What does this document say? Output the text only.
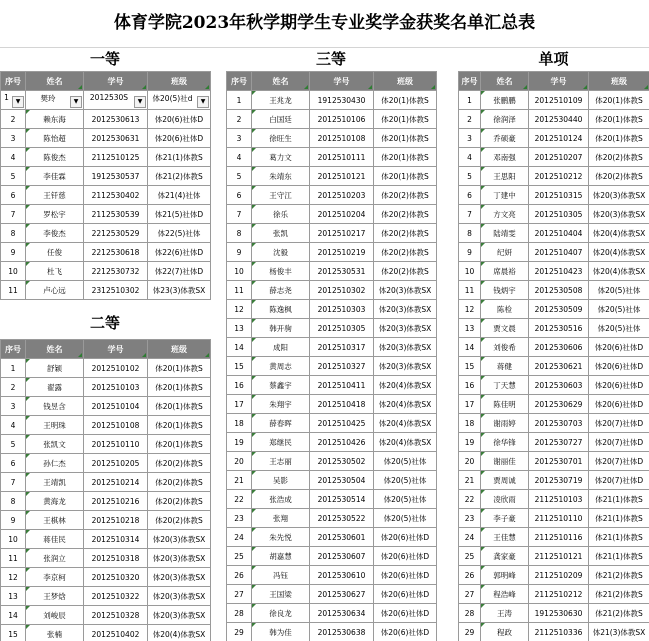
体育学院2023年秋学期学生专业奖学金获奖名单汇总表
一等
序号	姓名	学号	班级
1 ▼	樊玲 ▼	2012530S ▼	体20(5)社d ▼

2	赖东海	2012530613	体20(6)社体D
3	陈怡超	2012530631	体20(6)社体D
4	陈俊杰	2112510125	体21(1)体教S
5	李佳霖	1912530537	体21(2)体教S
6	王钎慈	2112530402	体21(4)社体
7	罗松宇	2112530539	体21(5)社体D
8	李俊杰	2212530529	体22(5)社体
9	任俊	2212530618	体22(6)社体D
10	杜飞	2212530732	体22(7)社体D
11	卢心远	2312510302	体23(3)体教SX
二等
序号	姓名	学号	班级
1	舒颖	2012510102	体20(1)体教S
2	翟露	2012510103	体20(1)体教S
3	钱昱含	2012510104	体20(1)体教S
4	王明珠	2012510108	体20(1)体教S
5	张凯文	2012510110	体20(1)体教S
6	孙仁杰	2012510205	体20(2)体教S
7	王靖凯	2012510214	体20(2)体教S
8	黄海龙	2012510216	体20(2)体教S
9	王棋林	2012510218	体20(2)体教S
10	蒋佳民	2012510314	体20(3)体教SX
11	张润立	2012510318	体20(3)体教SX
12	李京柯	2012510320	体20(3)体教SX
13	王梦焓	2012510322	体20(3)体教SX
14	刘峻辰	2012510328	体20(3)体教SX
15	张楠	2012510402	体20(4)体教SX
三等
序号	姓名	学号	班级
1	王兆龙	1912530430	体20(1)体教S
2	白国廷	2012510106	体20(1)体教S
3	徐旺生	2012510108	体20(1)体教S
4	葛力文	2012510111	体20(1)体教S
5	朱靖东	2012510121	体20(1)体教S
6	王守江	2012510203	体20(2)体教S
7	徐乐	2012510204	体20(2)体教S
8	张凯	2012510217	体20(2)体教S
9	沈毅	2012510219	体20(2)体教S
10	杨俊丰	2012530531	体20(2)体教S
11	薛志尧	2012510302	体20(3)体教SX
12	陈逸枫	2012510303	体20(3)体教SX
13	韩开驹	2012510305	体20(3)体教SX
14	成阳	2012510317	体20(3)体教SX
15	黄周志	2012510327	体20(3)体教SX
16	蔡鑫宇	2012510411	体20(4)体教SX
17	朱翔宇	2012510418	体20(4)体教SX
18	薛春晖	2012510425	体20(4)体教SX
19	郑继民	2012510426	体20(4)体教SX
20	王志丽	2012530502	体20(5)社体
21	吴影	2012530504	体20(5)社体
22	张浩成	2012530514	体20(5)社体
23	张翔	2012530522	体20(5)社体
24	朱先悦	2012530601	体20(6)社体D
25	胡嘉慧	2012530607	体20(6)社体D
26	冯钰	2012530610	体20(6)社体D
27	王国梁	2012530627	体20(6)社体D
28	徐良龙	2012530634	体20(6)社体D
29	韩为佳	2012530638	体20(6)社体D
单项
序号	姓名	学号	班级
1	张鹏鹏	2012510109	体20(1)体教S
2	徐润泽	2012530440	体20(1)体教S
3	乔硕豪	2012510124	体20(1)体教S
4	邓南强	2012510207	体20(2)体教S
5	王思阳	2012510212	体20(2)体教S
6	丁建中	2012510315	体20(3)体教SX
7	方文亮	2012510305	体20(3)体教SX
8	陆靖雯	2012510404	体20(4)体教SX
9	纪妍	2012510407	体20(4)体教SX
10	席晨裕	2012510423	体20(4)体教SX
11	钱炳宇	2012530508	体20(5)社体
12	陈检	2012530509	体20(5)社体
13	贾文晨	2012530516	体20(5)社体
14	刘俊希	2012530606	体20(6)社体D
15	蒋健	2012530621	体20(6)社体D
16	丁天慧	2012530603	体20(6)社体D
17	陈佳明	2012530629	体20(6)社体D
18	谢雨婷	2012530703	体20(7)社体D
19	徐华锋	2012530727	体20(7)社体D
20	谢丽佳	2012530701	体20(7)社体D
21	贾周诚	2012530719	体20(7)社体D
22	凌欣雨	2112510103	体21(1)体教S
23	李子豪	2112510110	体21(1)体教S
24	王佳慧	2112510116	体21(1)体教S
25	龚家豪	2112510121	体21(1)体教S
26	郭明峰	2112510209	体21(2)体教S
27	程浩峰	2112510212	体21(2)体教S
28	王涛	1912530630	体21(2)体教S
29	程政	2112510336	体21(3)体教SX
